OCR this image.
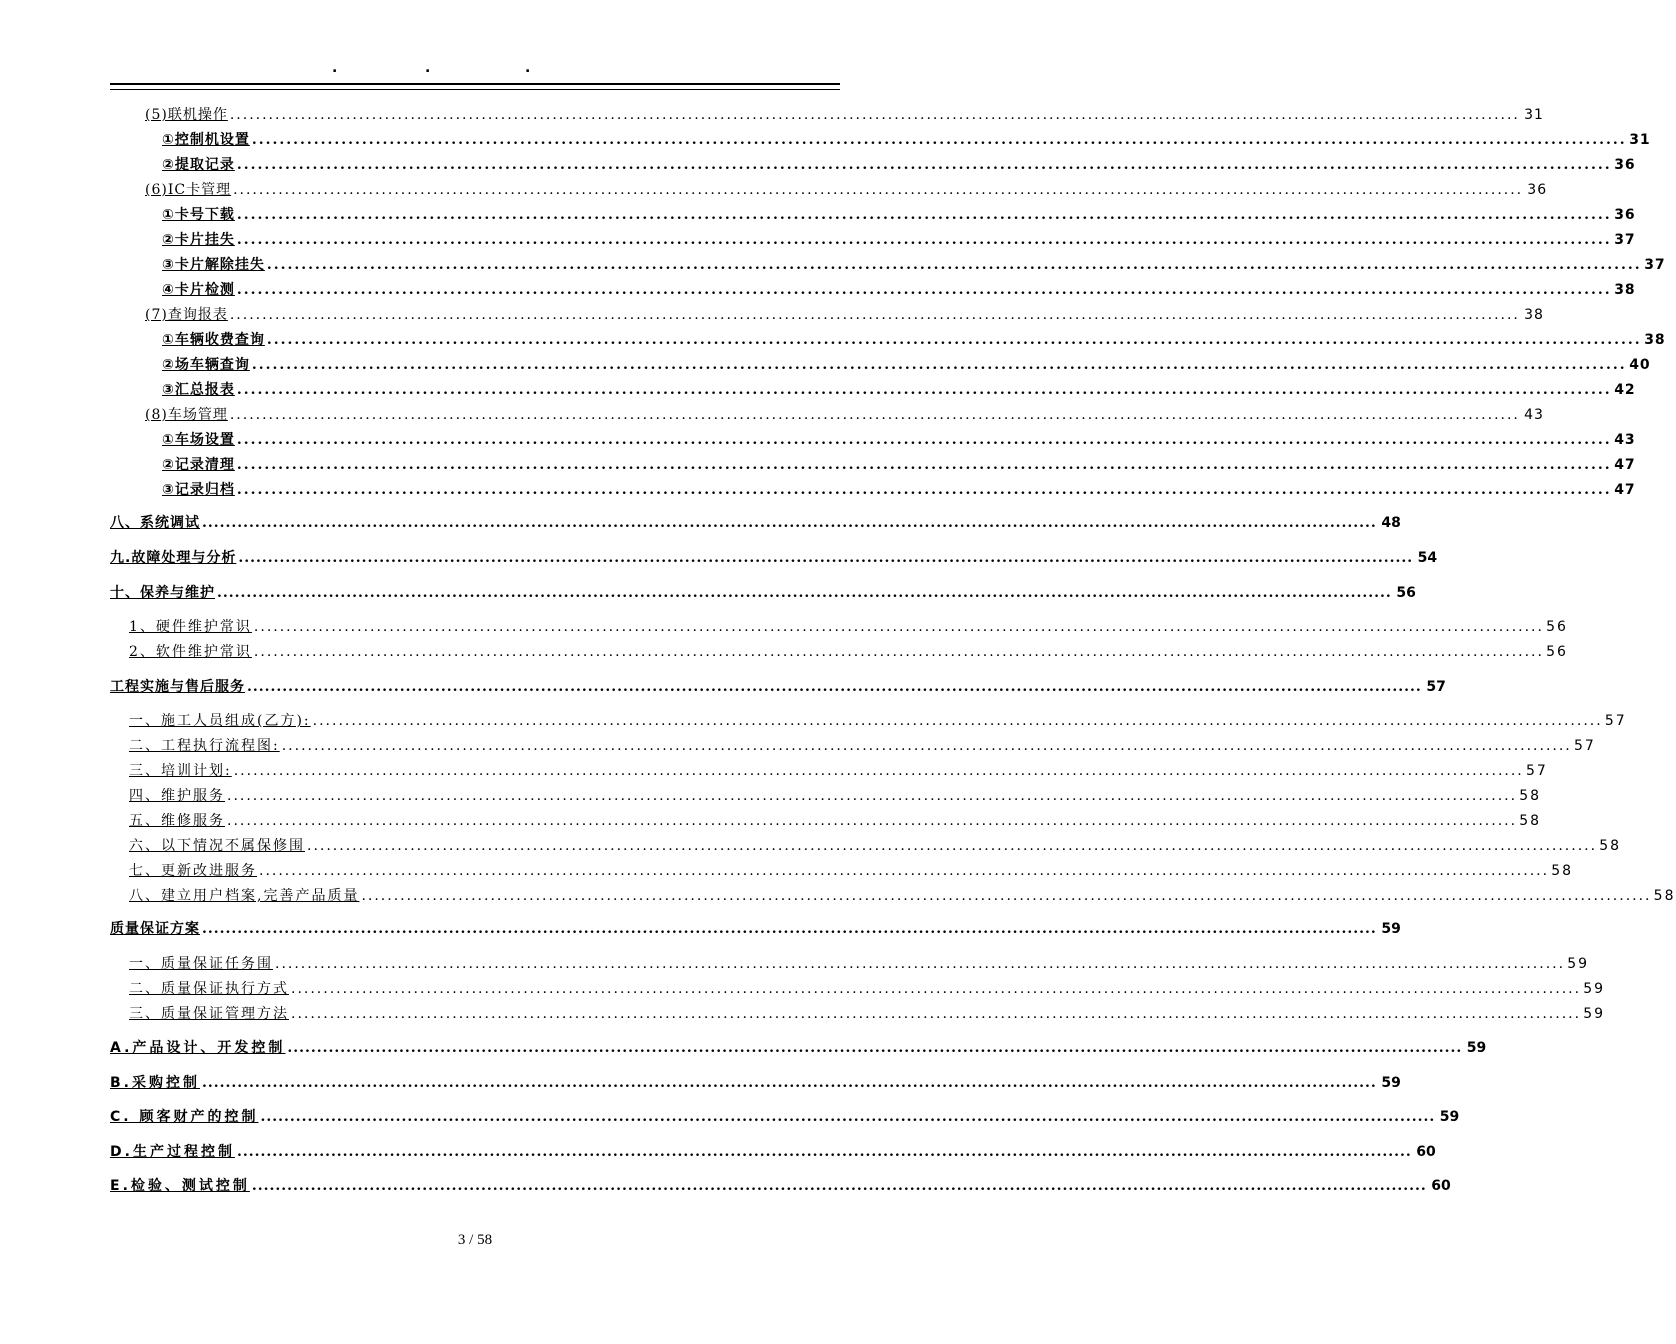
.	.	.
(5)联机操作 ........................................................................................................................................................................................................ 31
①控制机设置 ........................................................................................................................................................................................................ 31
②提取记录 ........................................................................................................................................................................................................ 36
(6)IC卡管理 ........................................................................................................................................................................................................ 36
①卡号下载 ........................................................................................................................................................................................................ 36
②卡片挂失 ........................................................................................................................................................................................................ 37
③卡片解除挂失 ........................................................................................................................................................................................................ 37
④卡片检测 ........................................................................................................................................................................................................ 38
(7)查询报表 ........................................................................................................................................................................................................ 38
①车辆收费查询 ........................................................................................................................................................................................................ 38
②场车辆查询 ........................................................................................................................................................................................................ 40
③汇总报表 ........................................................................................................................................................................................................ 42
(8)车场管理 ........................................................................................................................................................................................................ 43
①车场设置 ........................................................................................................................................................................................................ 43
②记录清理 ........................................................................................................................................................................................................ 47
③记录归档 ........................................................................................................................................................................................................ 47
八、系统调试 ........................................................................................................................................................................................................ 48
九.故障处理与分析 ........................................................................................................................................................................................................ 54
十、保养与维护 ........................................................................................................................................................................................................ 56
1、硬件维护常识 ........................................................................................................................................................................................................ 56
2、软件维护常识 ........................................................................................................................................................................................................ 56
工程实施与售后服务 ........................................................................................................................................................................................................ 57
一、施工人员组成(乙方): ........................................................................................................................................................................................................ 57
二、工程执行流程图: ........................................................................................................................................................................................................ 57
三、培训计划: ........................................................................................................................................................................................................ 57
四、维护服务 ........................................................................................................................................................................................................ 58
五、维修服务 ........................................................................................................................................................................................................ 58
六、以下情况不属保修围 ........................................................................................................................................................................................................ 58
七、更新改进服务 ........................................................................................................................................................................................................ 58
八、建立用户档案,完善产品质量 ........................................................................................................................................................................................................ 58
质量保证方案 ........................................................................................................................................................................................................ 59
一、质量保证任务围 ........................................................................................................................................................................................................ 59
二、质量保证执行方式 ........................................................................................................................................................................................................ 59
三、质量保证管理方法 ........................................................................................................................................................................................................ 59
A.产品设计、开发控制 ........................................................................................................................................................................................................ 59
B.采购控制 ........................................................................................................................................................................................................ 59
C. 顾客财产的控制 ........................................................................................................................................................................................................ 59
D.生产过程控制 ........................................................................................................................................................................................................ 60
E.检验、测试控制 ........................................................................................................................................................................................................ 60
3 / 58
